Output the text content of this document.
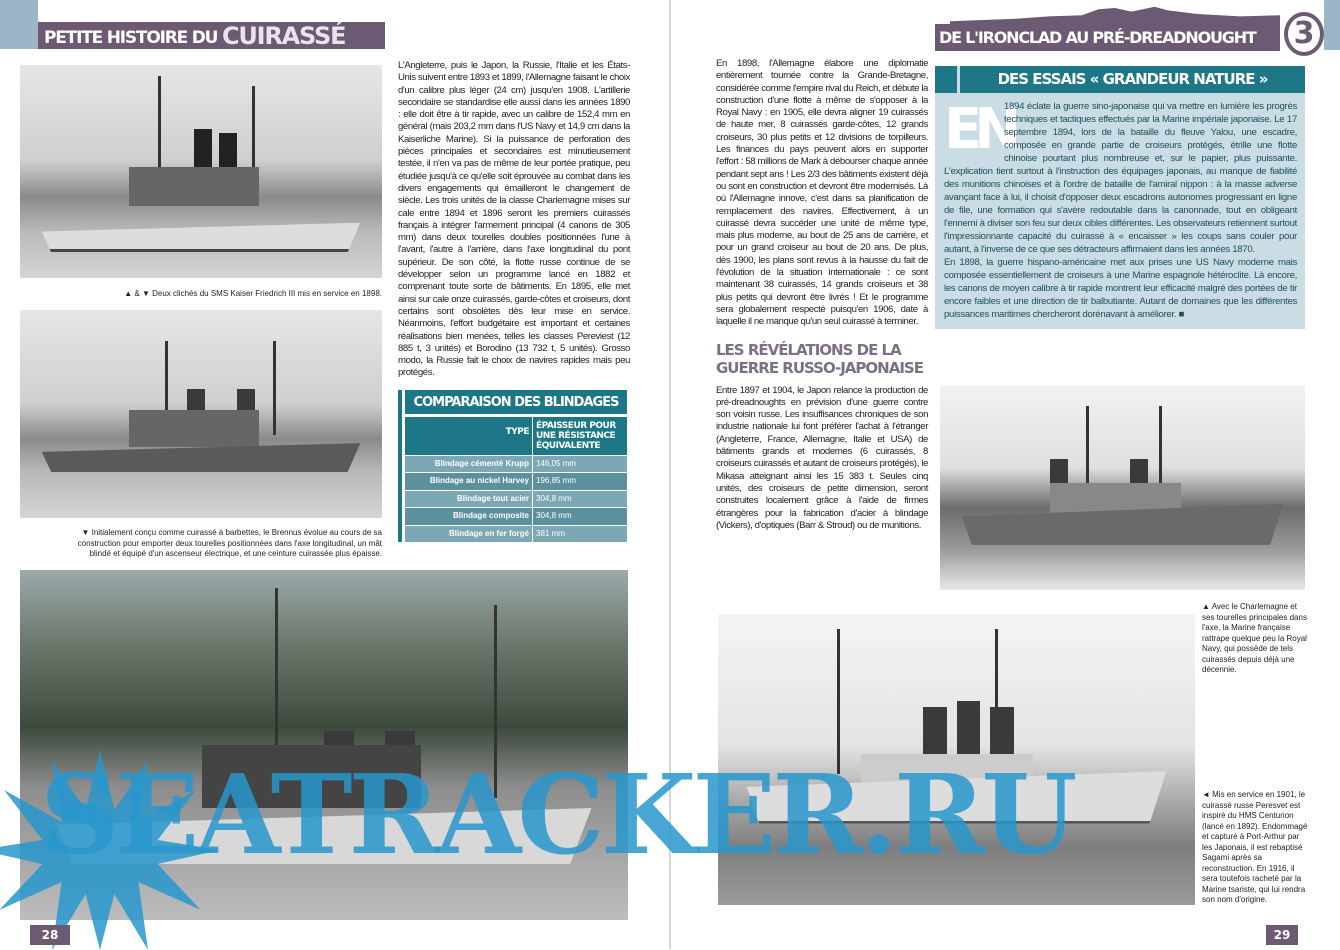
PETITE HISTOIRE DU CUIRASSÉ	DE L'IRONCLAD AU PRÉ-DREADNOUGHT	3
▲ & ▼ Deux clichés du SMS Kaiser Friedrich III mis en service en 1898.
▼ Initialement conçu comme cuirassé à barbettes, le Brennus évolue au cours de sa construction pour emporter deux tourelles positionnées dans l'axe longitudinal, un mât blindé et équipé d'un ascenseur électrique, et une ceinture cuirassée plus épaisse.
L'Angleterre, puis le Japon, la Russie, l'Italie et les États-Unis suivent entre 1893 et 1899, l'Allemagne faisant le choix d'un calibre plus léger (24 cm) jusqu'en 1908. L'artillerie secondaire se standardise elle aussi dans les années 1890 : elle doit être à tir rapide, avec un calibre de 152,4 mm en général (mais 203,2 mm dans l'US Navy et 14,9 cm dans la Kaiserliche Marine). Si la puissance de perforation des pièces principales et secondaires est minutieusement testée, il n'en va pas de même de leur portée pratique, peu étudiée jusqu'à ce qu'elle soit éprouvée au combat dans les divers engagements qui émailleront le changement de siècle. Les trois unités de la classe Charlemagne mises sur cale entre 1894 et 1896 seront les premiers cuirassés français à intégrer l'armement principal (4 canons de 305 mm) dans deux tourelles doubles positionnées l'une à l'avant, l'autre à l'arrière, dans l'axe longitudinal du pont supérieur. De son côté, la flotte russe continue de se développer selon un programme lancé en 1882 et comprenant toute sorte de bâtiments. En 1895, elle met ainsi sur cale onze cuirassés, garde-côtes et croiseurs, dont certains sont obsolètes dès leur mise en service. Néanmoins, l'effort budgétaire est important et certaines réalisations bien menées, telles les classes Pereviest (12 885 t, 3 unités) et Borodino (13 732 t, 5 unités). Grosso modo, la Russie fait le choix de navires rapides mais peu protégés.
COMPARAISON DES BLINDAGES
TYPE
ÉPAISSEUR POUR UNE RÉSISTANCE ÉQUIVALENTE
Blindage cémenté Krupp 146,05 mm
Blindage au nickel Harvey 196,85 mm
Blindage tout acier 304,8 mm
Blindage composite 304,8 mm
Blindage en fer forgé 381 mm
En 1898, l'Allemagne élabore une diplomatie entièrement tournée contre la Grande-Bretagne, considérée comme l'empire rival du Reich, et débute la construction d'une flotte à même de s'opposer à la Royal Navy : en 1905, elle devra aligner 19 cuirassés de haute mer, 8 cuirassés garde-côtes, 12 grands croiseurs, 30 plus petits et 12 divisions de torpilleurs. Les finances du pays peuvent alors en supporter l'effort : 58 millions de Mark à débourser chaque année pendant sept ans ! Les 2/3 des bâtiments existent déjà ou sont en construction et devront être modernisés. Là où l'Allemagne innove, c'est dans sa planification de remplacement des navires. Effectivement, à un cuirassé devra succéder une unité de même type, mais plus moderne, au bout de 25 ans de carrière, et pour un grand croiseur au bout de 20 ans. De plus, dès 1900, les plans sont revus à la hausse du fait de l'évolution de la situation internationale : ce sont maintenant 38 cuirassés, 14 grands croiseurs et 38 plus petits qui devront être livrés ! Et le programme sera globalement respecté puisqu'en 1906, date à laquelle il ne manque qu'un seul cuirassé à terminer.
LES RÉVÉLATIONS DE LA GUERRE RUSSO-JAPONAISE
Entre 1897 et 1904, le Japon relance la production de pré-dreadnoughts en prévision d'une guerre contre son voisin russe. Les insuffisances chroniques de son industrie nationale lui font préférer l'achat à l'étranger (Angleterre, France, Allemagne, Italie et USA) de bâtiments grands et modernes (6 cuirassés, 8 croiseurs cuirassés et autant de croiseurs protégés), le Mikasa atteignant ainsi les 15 383 t. Seules cinq unités, des croiseurs de petite dimension, seront construites localement grâce à l'aide de firmes étrangères pour la fabrication d'acier à blindage (Vickers), d'optiques (Barr & Stroud) ou de munitions.
DES ESSAIS « GRANDEUR NATURE »
EN

1894 éclate la guerre sino-japonaise qui va mettre en lumière les progrès techniques et tactiques effectués par la Marine impériale japonaise. Le 17 septembre 1894, lors de la bataille du fleuve Yalou, une escadre, composée en grande partie de croiseurs protégés, étrille une flotte chinoise pourtant plus nombreuse et, sur le papier, plus puissante. L'explication tient surtout à l'instruction des équipages japonais, au manque de fiabilité des munitions chinoises et à l'ordre de bataille de l'amiral nippon : à la masse adverse avançant face à lui, il choisit d'opposer deux escadrons autonomes progressant en ligne de file, une formation qui s'avère redoutable dans la canonnade, tout en obligeant l'ennemi à diviser son feu sur deux cibles différentes. Les observateurs retiennent surtout l'impressionnante capacité du cuirassé à « encaisser » les coups sans couler pour autant, à l'inverse de ce que ses détracteurs affirmaient dans les années 1870.

En 1898, la guerre hispano-américaine met aux prises une US Navy moderne mais composée essentiellement de croiseurs à une Marine espagnole hétéroclite. Là encore, les canons de moyen calibre à tir rapide montrent leur efficacité malgré des portées de tir encore faibles et une direction de tir balbutiante. Autant de domaines que les différentes puissances maritimes chercheront dorénavant à améliorer. ■

▲ Avec le Charlemagne et ses tourelles principales dans l'axe, la Marine française rattrape quelque peu la Royal Navy, qui possède de tels cuirassés depuis déjà une décennie.
◄ Mis en service en 1901, le cuirassé russe Peresvet est inspiré du HMS Centurion (lancé en 1892). Endommagé et capturé à Port-Arthur par les Japonais, il est rebaptisé Sagami après sa reconstruction. En 1916, il sera toutefois racheté par la Marine tsariste, qui lui rendra son nom d'origine.
SEATRACKER.RU
28	29
